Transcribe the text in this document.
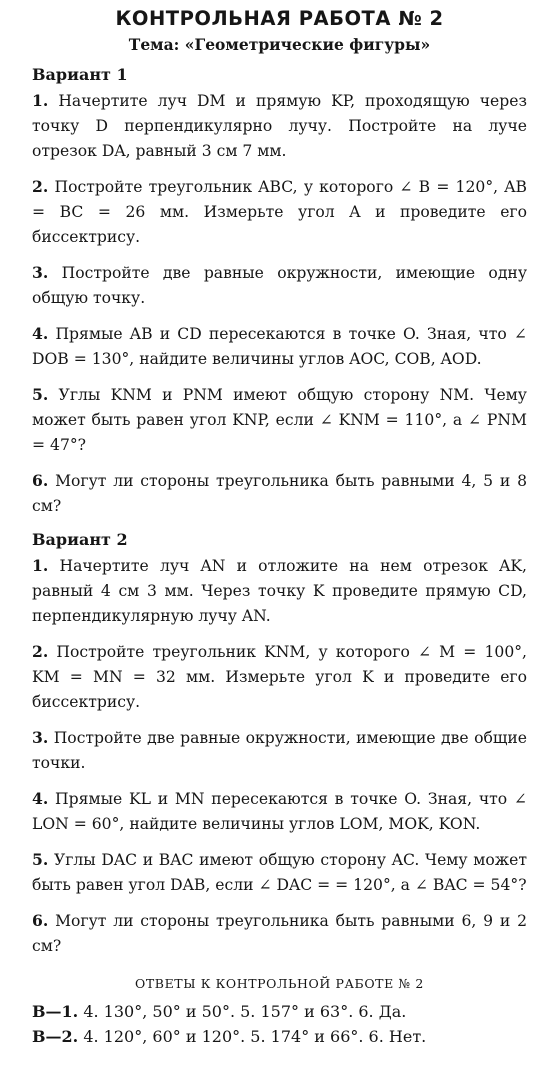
КОНТРОЛЬНАЯ РАБОТА № 2
Тема: «Геометрические фигуры»
Вариант 1

1. Начертите луч DM и прямую KP, проходящую через точку D перпендикулярно лучу. Постройте на луче отрезок DA, равный 3 см 7 мм.

2. Постройте треугольник ABC, у которого ∠ B = 120°, AB = BC = 26 мм. Измерьте угол A и проведите его биссектрису.

3. Постройте две равные окружности, имеющие одну общую точку.

4. Прямые AB и CD пересекаются в точке O. Зная, что ∠ DOB = 130°, найдите величины углов AOC, COB, AOD.

5. Углы KNM и PNM имеют общую сторону NM. Чему может быть равен угол KNP, если ∠ KNM = 110°, а ∠ PNM = 47°?

6. Могут ли стороны треугольника быть равными 4, 5 и 8 см?

Вариант 2

1. Начертите луч AN и отложите на нем отрезок AK, равный 4 см 3 мм. Через точку K проведите прямую CD, перпендикулярную лучу AN.

2. Постройте треугольник KNM, у которого ∠ M = 100°, KM = MN = 32 мм. Измерьте угол K и проведите его биссектрису.

3. Постройте две равные окружности, имеющие две общие точки.

4. Прямые KL и MN пересекаются в точке O. Зная, что ∠ LON = 60°, найдите величины углов LOM, MOK, KON.

5. Углы DAC и BAC имеют общую сторону AC. Чему может быть равен угол DAB, если ∠ DAC = = 120°, а ∠ BAC = 54°?

6. Могут ли стороны треугольника быть равными 6, 9 и 2 см?

ОТВЕТЫ К КОНТРОЛЬНОЙ РАБОТЕ № 2
В—1. 4. 130°, 50° и 50°. 5. 157° и 63°. 6. Да.
В—2. 4. 120°, 60° и 120°. 5. 174° и 66°. 6. Нет.
